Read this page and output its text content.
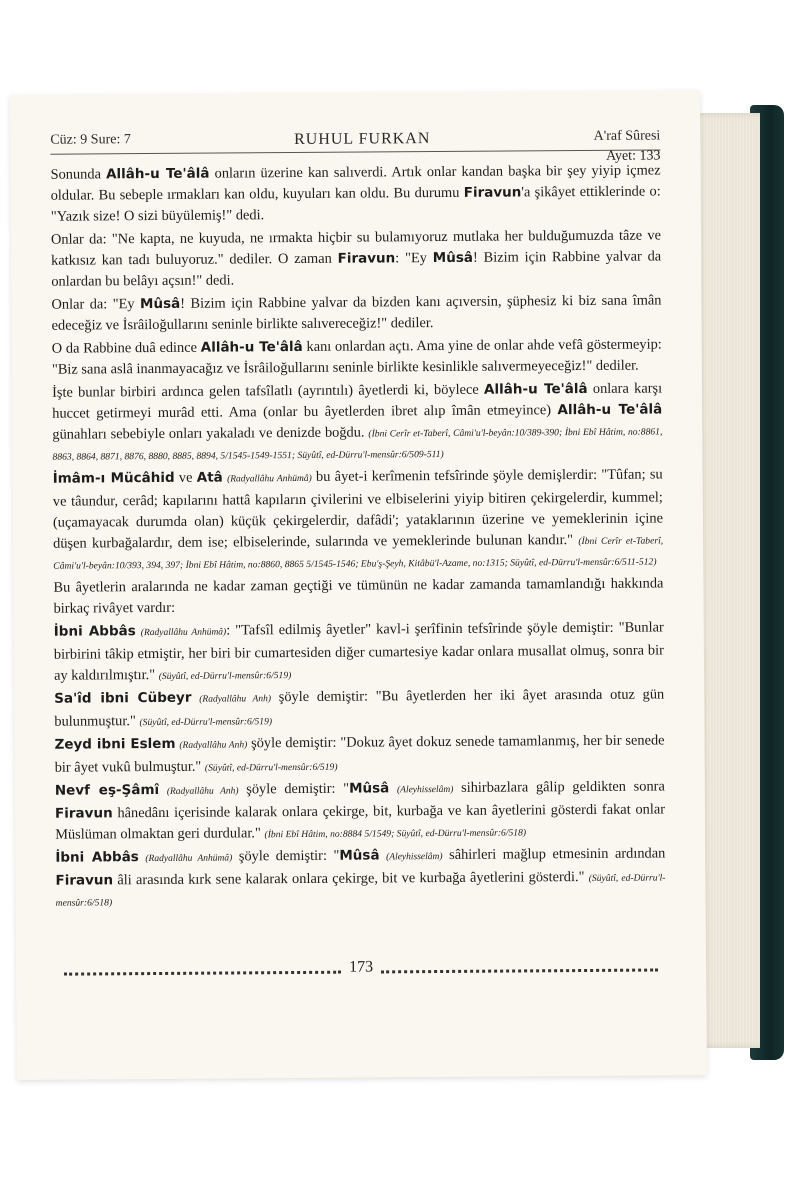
Cüz: 9 Sure: 7	RUHUL FURKAN	A'raf Sûresi
Ayet: 133

Sonunda Allâh-u Te'âlâ onların üzerine kan salıverdi. Artık onlar kandan başka bir şey yiyip içmez oldular. Bu sebeple ırmakları kan oldu, kuyuları kan oldu. Bu durumu Firavun'a şikâyet ettiklerinde o: "Yazık size! O sizi büyülemiş!" dedi.

Onlar da: "Ne kapta, ne kuyuda, ne ırmakta hiçbir su bulamıyoruz mutlaka her bulduğumuzda tâze ve katkısız kan tadı buluyoruz." dediler. O zaman Firavun: "Ey Mûsâ! Bizim için Rabbine yalvar da onlardan bu belâyı açsın!" dedi.

Onlar da: "Ey Mûsâ! Bizim için Rabbine yalvar da bizden kanı açıversin, şüphesiz ki biz sana îmân edeceğiz ve İsrâiloğullarını seninle birlikte salıvereceğiz!" dediler.

O da Rabbine duâ edince Allâh-u Te'âlâ kanı onlardan açtı. Ama yine de onlar ahde vefâ göstermeyip: "Biz sana aslâ inanmayacağız ve İsrâiloğullarını seninle birlikte kesinlikle salıvermeyeceğiz!" dediler.

İşte bunlar birbiri ardınca gelen tafsîlatlı (ayrıntılı) âyetlerdi ki, böylece Allâh-u Te'âlâ onlara karşı huccet getirmeyi murâd etti. Ama (onlar bu âyetlerden ibret alıp îmân etmeyince) Allâh-u Te'âlâ günahları sebebiyle onları yakaladı ve denizde boğdu. (İbni Cerîr et-Taberî, Câmi'u'l-beyân:10/389-390; İbni Ebî Hâtim, no:8861, 8863, 8864, 8871, 8876, 8880, 8885, 8894, 5/1545-1549-1551; Süyûtî, ed-Dürru'l-mensûr:6/509-511)

İmâm-ı Mücâhid ve Atâ (Radyallâhu Anhümâ) bu âyet-i kerîmenin tefsîrinde şöyle demişlerdir: "Tûfan; su ve tâundur, cerâd; kapılarını hattâ kapıların çivilerini ve elbiselerini yiyip bitiren çekirgelerdir, kummel; (uçamayacak durumda olan) küçük çekirgelerdir, dafâdi'; yataklarının üzerine ve yemeklerinin içine düşen kurbağalardır, dem ise; elbiselerinde, sularında ve yemeklerinde bulunan kandır." (İbni Cerîr et-Taberî, Câmi'u'l-beyân:10/393, 394, 397; İbni Ebî Hâtim, no:8860, 8865 5/1545-1546; Ebu'ş-Şeyh, Kitâbü'l-Azame, no:1315; Süyûtî, ed-Dürru'l-mensûr:6/511-512)

Bu âyetlerin aralarında ne kadar zaman geçtiği ve tümünün ne kadar zamanda tamamlandığı hakkında birkaç rivâyet vardır:

İbni Abbâs (Radyallâhu Anhümâ): "Tafsîl edilmiş âyetler" kavl-i şerîfinin tefsîrinde şöyle demiştir: "Bunlar birbirini tâkip etmiştir, her biri bir cumartesiden diğer cumartesiye kadar onlara musallat olmuş, sonra bir ay kaldırılmıştır." (Süyûtî, ed-Dürru'l-mensûr:6/519)

Sa'îd ibni Cübeyr (Radyallâhu Anh) şöyle demiştir: "Bu âyetlerden her iki âyet arasında otuz gün bulunmuştur." (Süyûtî, ed-Dürru'l-mensûr:6/519)

Zeyd ibni Eslem (Radyallâhu Anh) şöyle demiştir: "Dokuz âyet dokuz senede tamamlanmış, her bir senede bir âyet vukû bulmuştur." (Süyûtî, ed-Dürru'l-mensûr:6/519)

Nevf eş-Şâmî (Radyallâhu Anh) şöyle demiştir: "Mûsâ (Aleyhisselâm) sihirbazlara gâlip geldikten sonra Firavun hânedânı içerisinde kalarak onlara çekirge, bit, kurbağa ve kan âyetlerini gösterdi fakat onlar Müslüman olmaktan geri durdular." (İbni Ebî Hâtim, no:8884 5/1549; Süyûtî, ed-Dürru'l-mensûr:6/518)

İbni Abbâs (Radyallâhu Anhümâ) şöyle demiştir: "Mûsâ (Aleyhisselâm) sâhirleri mağlup etmesinin ardından Firavun âli arasında kırk sene kalarak onlara çekirge, bit ve kurbağa âyetlerini gösterdi." (Süyûtî, ed-Dürru'l-mensûr:6/518)

173
